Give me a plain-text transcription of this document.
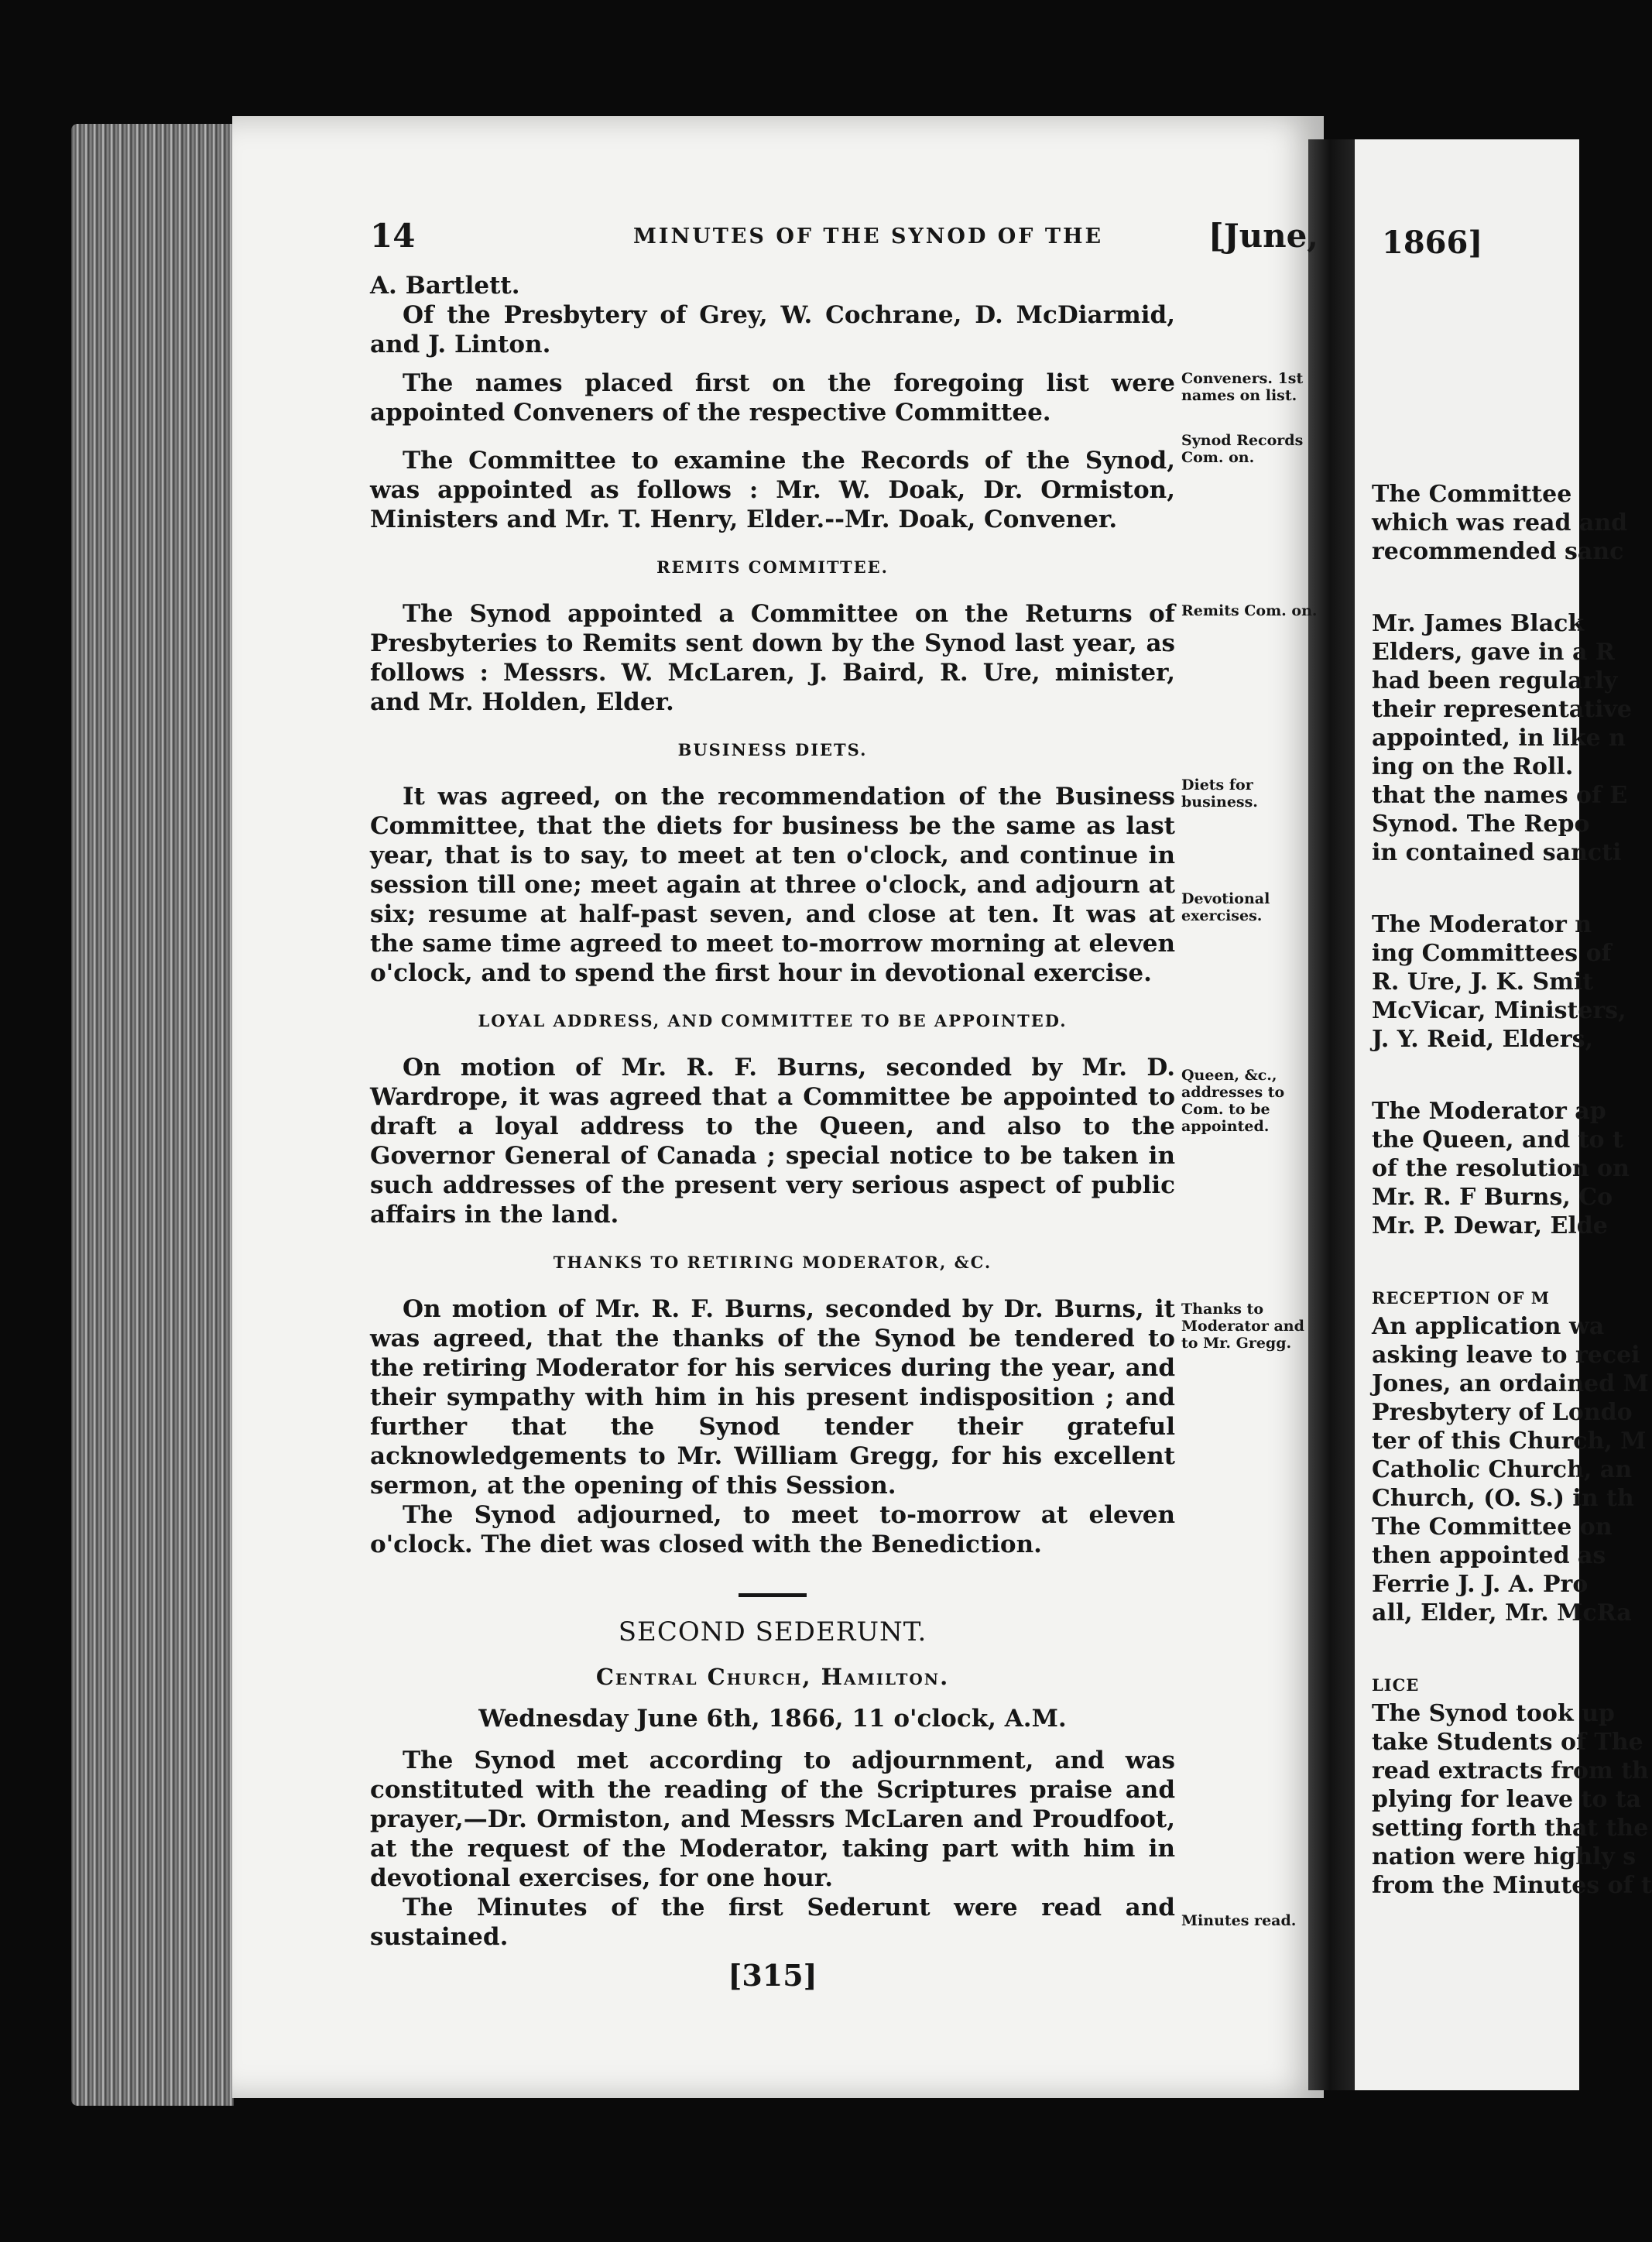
14	MINUTES OF THE SYNOD OF THE	[June,

A. Bartlett.

Of the Presbytery of Grey, W. Cochrane, D. McDiarmid, and J. Linton.

The names placed first on the foregoing list were appointed Conveners of the respective Committee.

The Committee to examine the Records of the Synod, was appointed as follows : Mr. W. Doak, Dr. Ormiston, Ministers and Mr. T. Henry, Elder.--Mr. Doak, Convener.

REMITS COMMITTEE.

The Synod appointed a Committee on the Returns of Presbyteries to Remits sent down by the Synod last year, as follows : Messrs. W. McLaren, J. Baird, R. Ure, minister, and Mr. Holden, Elder.

BUSINESS DIETS.

It was agreed, on the recommendation of the Business Committee, that the diets for business be the same as last year, that is to say, to meet at ten o'clock, and continue in session till one; meet again at three o'clock, and adjourn at six; resume at half-past seven, and close at ten. It was at the same time agreed to meet to-morrow morning at eleven o'clock, and to spend the first hour in devotional exercise.

LOYAL ADDRESS, AND COMMITTEE TO BE APPOINTED.

On motion of Mr. R. F. Burns, seconded by Mr. D. Wardrope, it was agreed that a Committee be appointed to draft a loyal address to the Queen, and also to the Governor General of Canada ; special notice to be taken in such addresses of the present very serious aspect of public affairs in the land.

THANKS TO RETIRING MODERATOR, &C.

On motion of Mr. R. F. Burns, seconded by Dr. Burns, it was agreed, that the thanks of the Synod be tendered to the retiring Moderator for his services during the year, and their sympathy with him in his present indisposition ; and further that the Synod tender their grateful acknowledgements to Mr. William Gregg, for his excellent sermon, at the opening of this Session.

The Synod adjourned, to meet to-morrow at eleven o'clock. The diet was closed with the Benediction.

SECOND SEDERUNT.
Central Church, Hamilton.
Wednesday June 6th, 1866, 11 o'clock, A.M.

The Synod met according to adjournment, and was constituted with the reading of the Scriptures praise and prayer,—Dr. Ormiston, and Messrs McLaren and Proudfoot, at the request of the Moderator, taking part with him in devotional exercises, for one hour.

The Minutes of the first Sederunt were read and sustained.

[315]
Conveners. 1st names on list.
Synod Records Com. on.
Remits Com. on.
Diets for business.
Devotional exercises.
Queen, &c., addresses to Com. to be appointed.
Thanks to Moderator and to Mr. Gregg.
Minutes read.
1866]
The Committee
which was read and
recommended sanc
Mr. James Black
Elders, gave in a R
had been regularly
their representative
appointed, in like n
ing on the Roll.
that the names of E
Synod. The Repo
in contained sancti
The Moderator n
ing Committees of
R. Ure, J. K. Smit
McVicar, Ministers,
J. Y. Reid, Elders,
The Moderator ap
the Queen, and to t
of the resolution on
Mr. R. F Burns, Co
Mr. P. Dewar, Elde
RECEPTION OF M
An application wa
asking leave to recei
Jones, an ordained M
Presbytery of Londo
ter of this Church, M
Catholic Church, an
Church, (O. S.) in th
The Committee on
then appointed as
Ferrie J. J. A. Pro
all, Elder, Mr. McRa
LICE
The Synod took up
take Students of The
read extracts from th
plying for leave to ta
setting forth that the
nation were highly s
from the Minutes of t
